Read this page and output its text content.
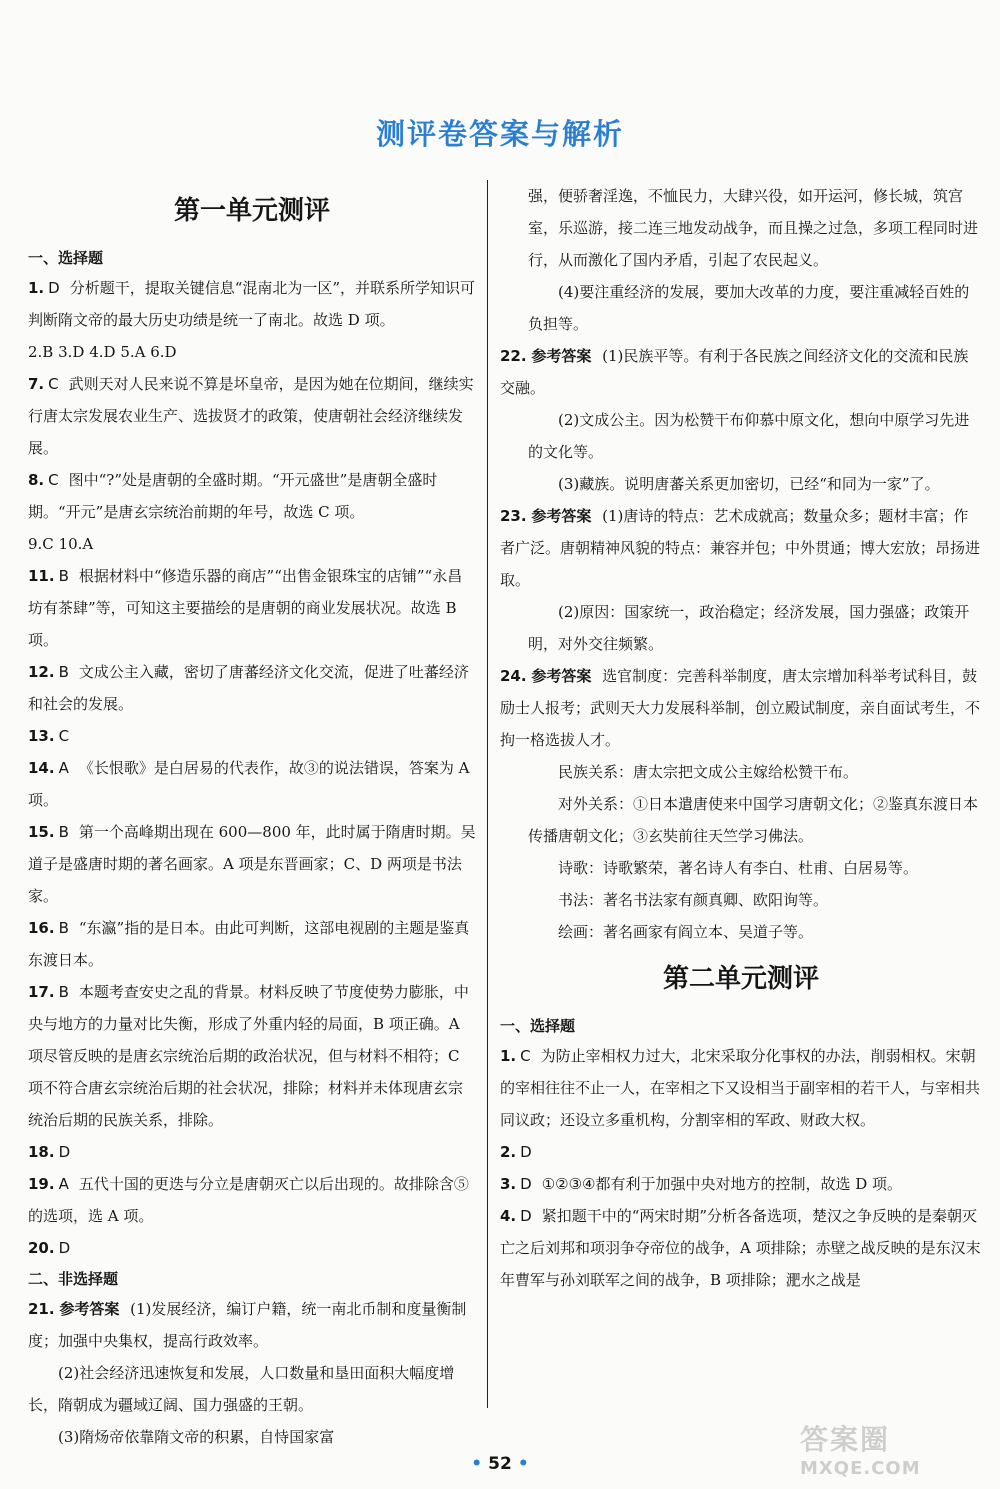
测评卷答案与解析
第一单元测评
一、选择题

1. D 分析题干，提取关键信息“混南北为一区”，并联系所学知识可判断隋文帝的最大历史功绩是统一了南北。故选 D 项。

2.B 3.D 4.D 5.A 6.D

7. C 武则天对人民来说不算是坏皇帝，是因为她在位期间，继续实行唐太宗发展农业生产、选拔贤才的政策，使唐朝社会经济继续发展。

8. C 图中“?”处是唐朝的全盛时期。“开元盛世”是唐朝全盛时期。“开元”是唐玄宗统治前期的年号，故选 C 项。

9.C 10.A

11. B 根据材料中“修造乐器的商店”“出售金银珠宝的店铺”“永昌坊有茶肆”等，可知这主要描绘的是唐朝的商业发展状况。故选 B 项。

12. B 文成公主入藏，密切了唐蕃经济文化交流，促进了吐蕃经济和社会的发展。

13. C

14. A 《长恨歌》是白居易的代表作，故③的说法错误，答案为 A 项。

15. B 第一个高峰期出现在 600—800 年，此时属于隋唐时期。吴道子是盛唐时期的著名画家。A 项是东晋画家；C、D 两项是书法家。

16. B “东瀛”指的是日本。由此可判断，这部电视剧的主题是鉴真东渡日本。

17. B 本题考查安史之乱的背景。材料反映了节度使势力膨胀，中央与地方的力量对比失衡，形成了外重内轻的局面，B 项正确。A 项尽管反映的是唐玄宗统治后期的政治状况，但与材料不相符；C 项不符合唐玄宗统治后期的社会状况，排除；材料并未体现唐玄宗统治后期的民族关系，排除。

18. D

19. A 五代十国的更迭与分立是唐朝灭亡以后出现的。故排除含⑤的选项，选 A 项。

20. D

二、非选择题

21. 参考答案 (1)发展经济，编订户籍，统一南北币制和度量衡制度；加强中央集权，提高行政效率。

(2)社会经济迅速恢复和发展，人口数量和垦田面积大幅度增长，隋朝成为疆域辽阔、国力强盛的王朝。

(3)隋炀帝依靠隋文帝的积累，自恃国家富

强，便骄奢淫逸，不恤民力，大肆兴役，如开运河，修长城，筑宫室，乐巡游，接二连三地发动战争，而且操之过急，多项工程同时进行，从而激化了国内矛盾，引起了农民起义。

(4)要注重经济的发展，要加大改革的力度，要注重减轻百姓的负担等。

22. 参考答案 (1)民族平等。有利于各民族之间经济文化的交流和民族交融。

(2)文成公主。因为松赞干布仰慕中原文化，想向中原学习先进的文化等。

(3)藏族。说明唐蕃关系更加密切，已经“和同为一家”了。

23. 参考答案 (1)唐诗的特点：艺术成就高；数量众多；题材丰富；作者广泛。唐朝精神风貌的特点：兼容并包；中外贯通；博大宏放；昂扬进取。

(2)原因：国家统一，政治稳定；经济发展，国力强盛；政策开明，对外交往频繁。

24. 参考答案 选官制度：完善科举制度，唐太宗增加科举考试科目，鼓励士人报考；武则天大力发展科举制，创立殿试制度，亲自面试考生，不拘一格选拔人才。

民族关系：唐太宗把文成公主嫁给松赞干布。

对外关系：①日本遣唐使来中国学习唐朝文化；②鉴真东渡日本传播唐朝文化；③玄奘前往天竺学习佛法。

诗歌：诗歌繁荣，著名诗人有李白、杜甫、白居易等。

书法：著名书法家有颜真卿、欧阳询等。

绘画：著名画家有阎立本、吴道子等。

第二单元测评
一、选择题

1. C 为防止宰相权力过大，北宋采取分化事权的办法，削弱相权。宋朝的宰相往往不止一人，在宰相之下又设相当于副宰相的若干人，与宰相共同议政；还设立多重机构，分割宰相的军政、财政大权。

2. D

3. D ①②③④都有利于加强中央对地方的控制，故选 D 项。

4. D 紧扣题干中的“两宋时期”分析各备选项，楚汉之争反映的是秦朝灭亡之后刘邦和项羽争夺帝位的战争，A 项排除；赤壁之战反映的是东汉末年曹军与孙刘联军之间的战争，B 项排除；淝水之战是

• 52 •
答案圈
MXQE.COM
